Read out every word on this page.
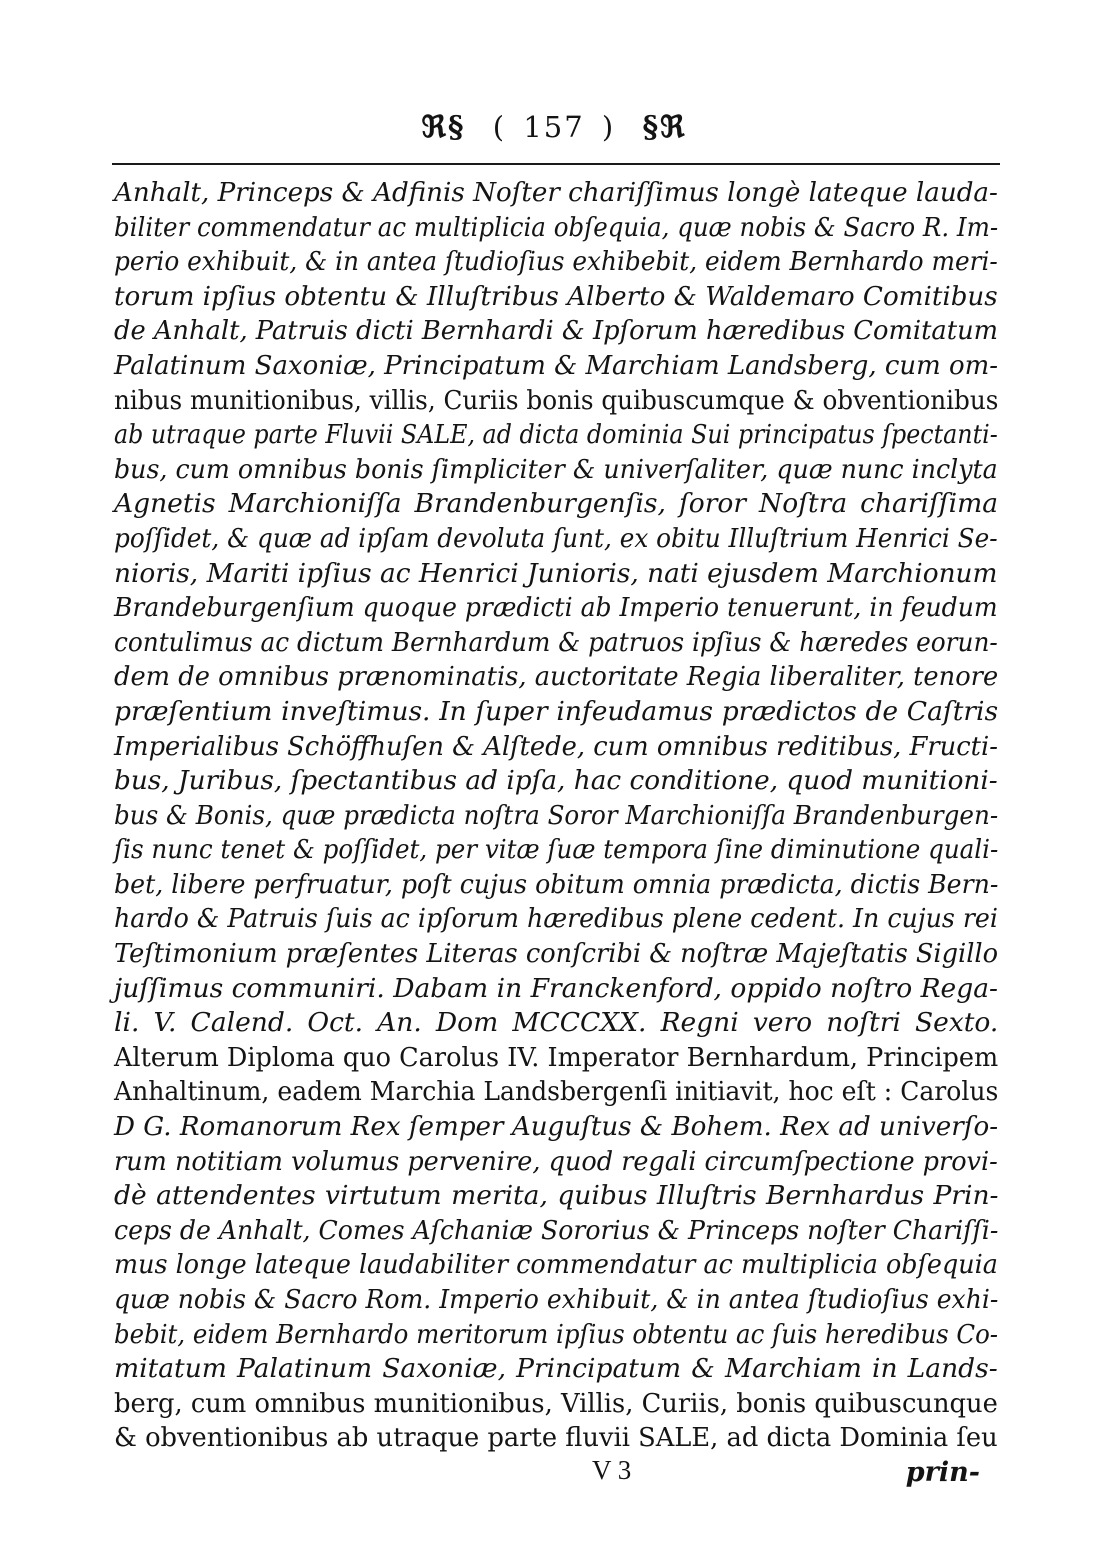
ℜ§ ( 157 ) §ℜ
Anhalt, Princeps & Adfinis Noſter chariſſimus longè lateque lauda-
biliter commendatur ac multiplicia obſequia, quæ nobis & Sacro R. Im-
perio exhibuit, & in antea ſtudioſius exhibebit, eidem Bernhardo meri-
torum ipſius obtentu & Illuſtribus Alberto & Waldemaro Comitibus
de Anhalt, Patruis dicti Bernhardi & Ipſorum hæredibus Comitatum
Palatinum Saxoniæ, Principatum & Marchiam Landsberg, cum om-
nibus munitionibus, villis, Curiis bonis quibuscumque & obventionibus
ab utraque parte Fluvii SALE, ad dicta dominia Sui principatus ſpectanti-
bus, cum omnibus bonis ſimpliciter & univerſaliter, quæ nunc inclyta
Agnetis Marchioniſſa Brandenburgenſis, ſoror Noſtra chariſſima
poſſidet, & quæ ad ipſam devoluta ſunt, ex obitu Illuſtrium Henrici Se-
nioris, Mariti ipſius ac Henrici Junioris, nati ejusdem Marchionum
Brandeburgenſium quoque prædicti ab Imperio tenuerunt, in feudum
contulimus ac dictum Bernhardum & patruos ipſius & hæredes eorun-
dem de omnibus prænominatis, auctoritate Regia liberaliter, tenore
præſentium inveſtimus. In ſuper infeudamus prædictos de Caſtris
Imperialibus Schöffhuſen & Alſtede, cum omnibus reditibus, Fructi-
bus, Juribus, ſpectantibus ad ipſa, hac conditione, quod munitioni-
bus & Bonis, quæ prædicta noſtra Soror Marchioniſſa Brandenburgen-
ſis nunc tenet & poſſidet, per vitæ ſuæ tempora ſine diminutione quali-
bet, libere perfruatur, poſt cujus obitum omnia prædicta, dictis Bern-
hardo & Patruis ſuis ac ipſorum hæredibus plene cedent. In cujus rei
Teſtimonium præſentes Literas conſcribi & noſtræ Majeſtatis Sigillo
juſſimus communiri. Dabam in Franckenford, oppido noſtro Rega-
li. V. Calend. Oct. An. Dom MCCCXX. Regni vero noſtri Sexto.
Alterum Diploma quo Carolus IV. Imperator Bernhardum, Principem
Anhaltinum, eadem Marchia Landsbergenſi initiavit, hoc eſt : Carolus
D G. Romanorum Rex ſemper Auguſtus & Bohem. Rex ad univerſo-
rum notitiam volumus pervenire, quod regali circumſpectione provi-
dè attendentes virtutum merita, quibus Illuſtris Bernhardus Prin-
ceps de Anhalt, Comes Aſchaniæ Sororius & Princeps noſter Chariſſi-
mus longe lateque laudabiliter commendatur ac multiplicia obſequia
quæ nobis & Sacro Rom. Imperio exhibuit, & in antea ſtudioſius exhi-
bebit, eidem Bernhardo meritorum ipſius obtentu ac ſuis heredibus Co-
mitatum Palatinum Saxoniæ, Principatum & Marchiam in Lands-
berg, cum omnibus munitionibus, Villis, Curiis, bonis quibuscunque
& obventionibus ab utraque parte fluvii SALE, ad dicta Dominia ſeu
V 3	prin-
